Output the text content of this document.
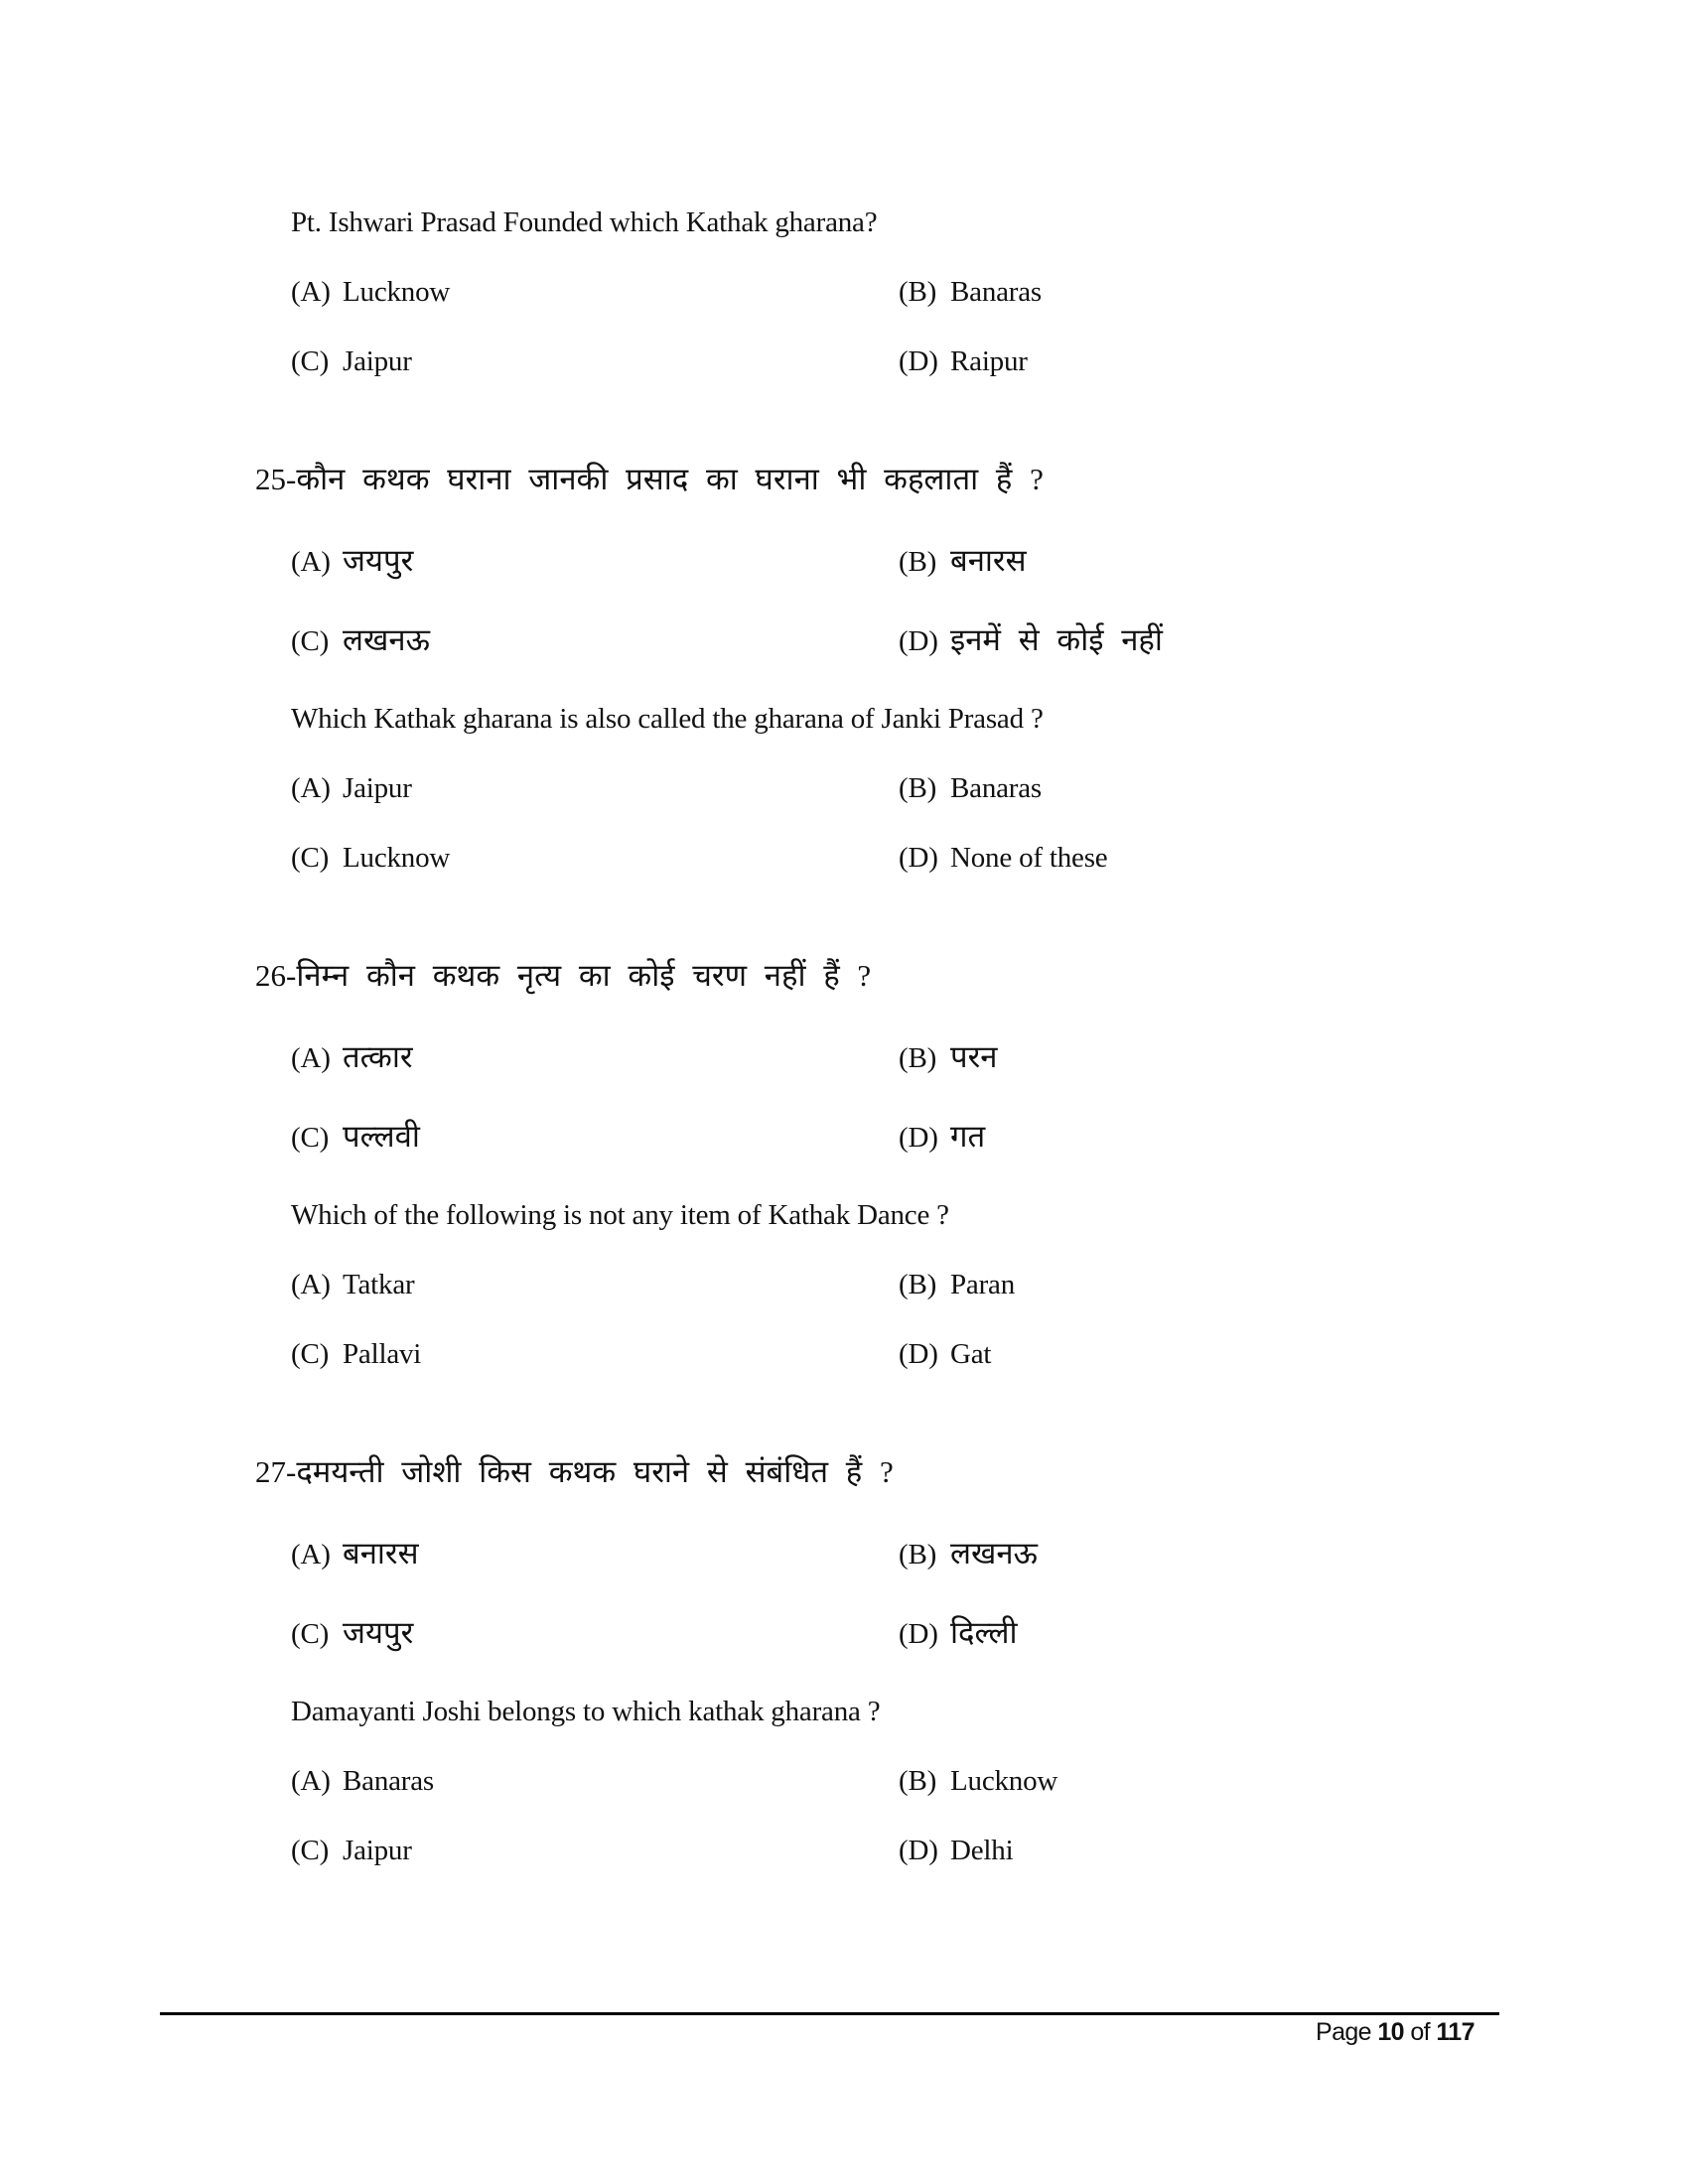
Pt. Ishwari Prasad Founded which Kathak gharana?
(A) Lucknow	(B) Banaras
(C) Jaipur	(D) Raipur
25-कौन कथक घराना जानकी प्रसाद का घराना भी कहलाता हैं ?
(A) जयपुर	(B) बनारस
(C) लखनऊ	(D) इनमें से कोई नहीं
Which Kathak gharana is also called the gharana of Janki Prasad ?
(A) Jaipur	(B) Banaras
(C) Lucknow	(D) None of these
26-निम्न कौन कथक नृत्य का कोई चरण नहीं हैं ?
(A) तत्कार	(B) परन
(C) पल्लवी	(D) गत
Which of the following is not any item of Kathak Dance ?
(A) Tatkar	(B) Paran
(C) Pallavi	(D) Gat
27-दमयन्ती जोशी किस कथक घराने से संबंधित हैं ?
(A) बनारस	(B) लखनऊ
(C) जयपुर	(D) दिल्ली
Damayanti Joshi belongs to which kathak gharana ?
(A) Banaras	(B) Lucknow
(C) Jaipur	(D) Delhi
Page 10 of 117
